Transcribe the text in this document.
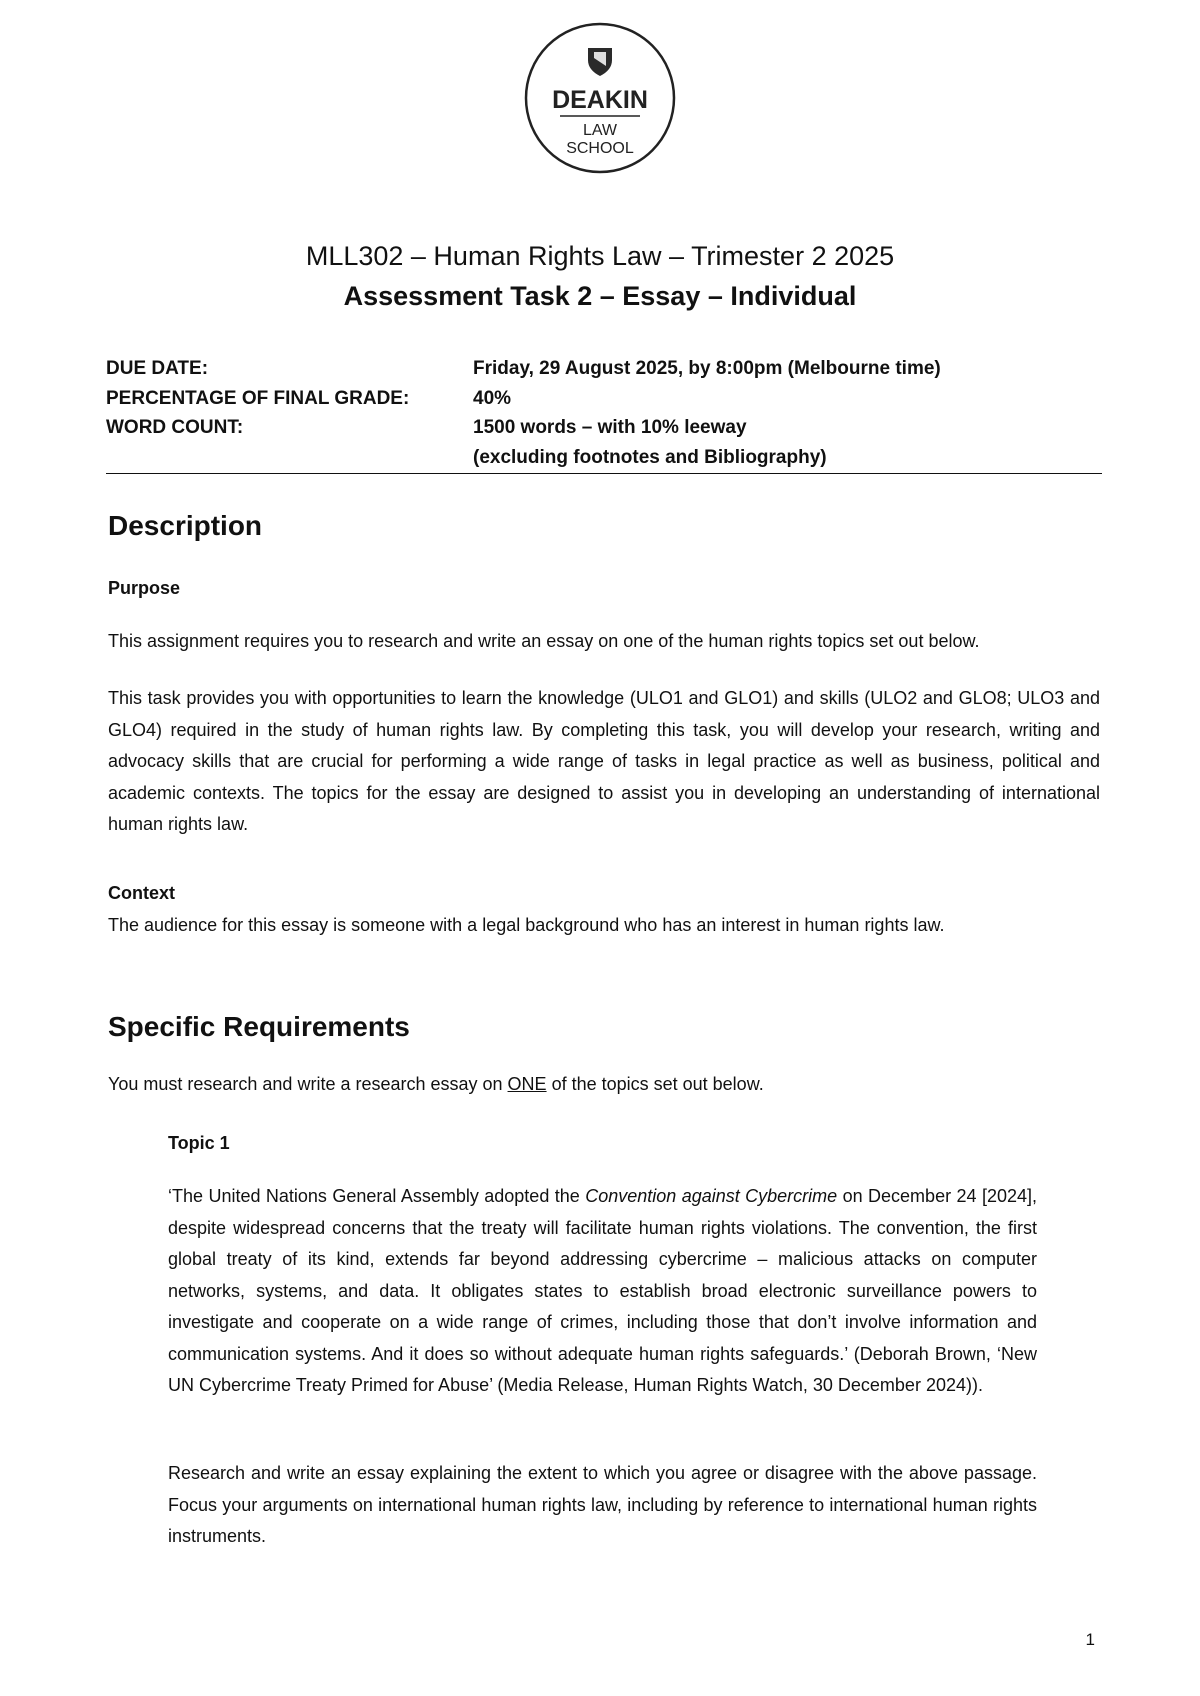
DEAKIN
LAW
SCHOOL
MLL302 – Human Rights Law – Trimester 2 2025
Assessment Task 2 – Essay – Individual
DUE DATE:	Friday, 29 August 2025, by 8:00pm (Melbourne time)
PERCENTAGE OF FINAL GRADE:	40%
WORD COUNT:	1500 words – with 10% leeway
(excluding footnotes and Bibliography)
Description
Purpose
This assignment requires you to research and write an essay on one of the human rights topics set out below.
This task provides you with opportunities to learn the knowledge (ULO1 and GLO1) and skills (ULO2 and GLO8; ULO3 and GLO4) required in the study of human rights law. By completing this task, you will develop your research, writing and advocacy skills that are crucial for performing a wide range of tasks in legal practice as well as business, political and academic contexts. The topics for the essay are designed to assist you in developing an understanding of international human rights law.
Context
The audience for this essay is someone with a legal background who has an interest in human rights law.
Specific Requirements
You must research and write a research essay on ONE of the topics set out below.
Topic 1
‘The United Nations General Assembly adopted the Convention against Cybercrime on December 24 [2024], despite widespread concerns that the treaty will facilitate human rights violations. The convention, the first global treaty of its kind, extends far beyond addressing cybercrime – malicious attacks on computer networks, systems, and data. It obligates states to establish broad electronic surveillance powers to investigate and cooperate on a wide range of crimes, including those that don’t involve information and communication systems. And it does so without adequate human rights safeguards.’ (Deborah Brown, ‘New UN Cybercrime Treaty Primed for Abuse’ (Media Release, Human Rights Watch, 30 December 2024)).
Research and write an essay explaining the extent to which you agree or disagree with the above passage. Focus your arguments on international human rights law, including by reference to international human rights instruments.
1
